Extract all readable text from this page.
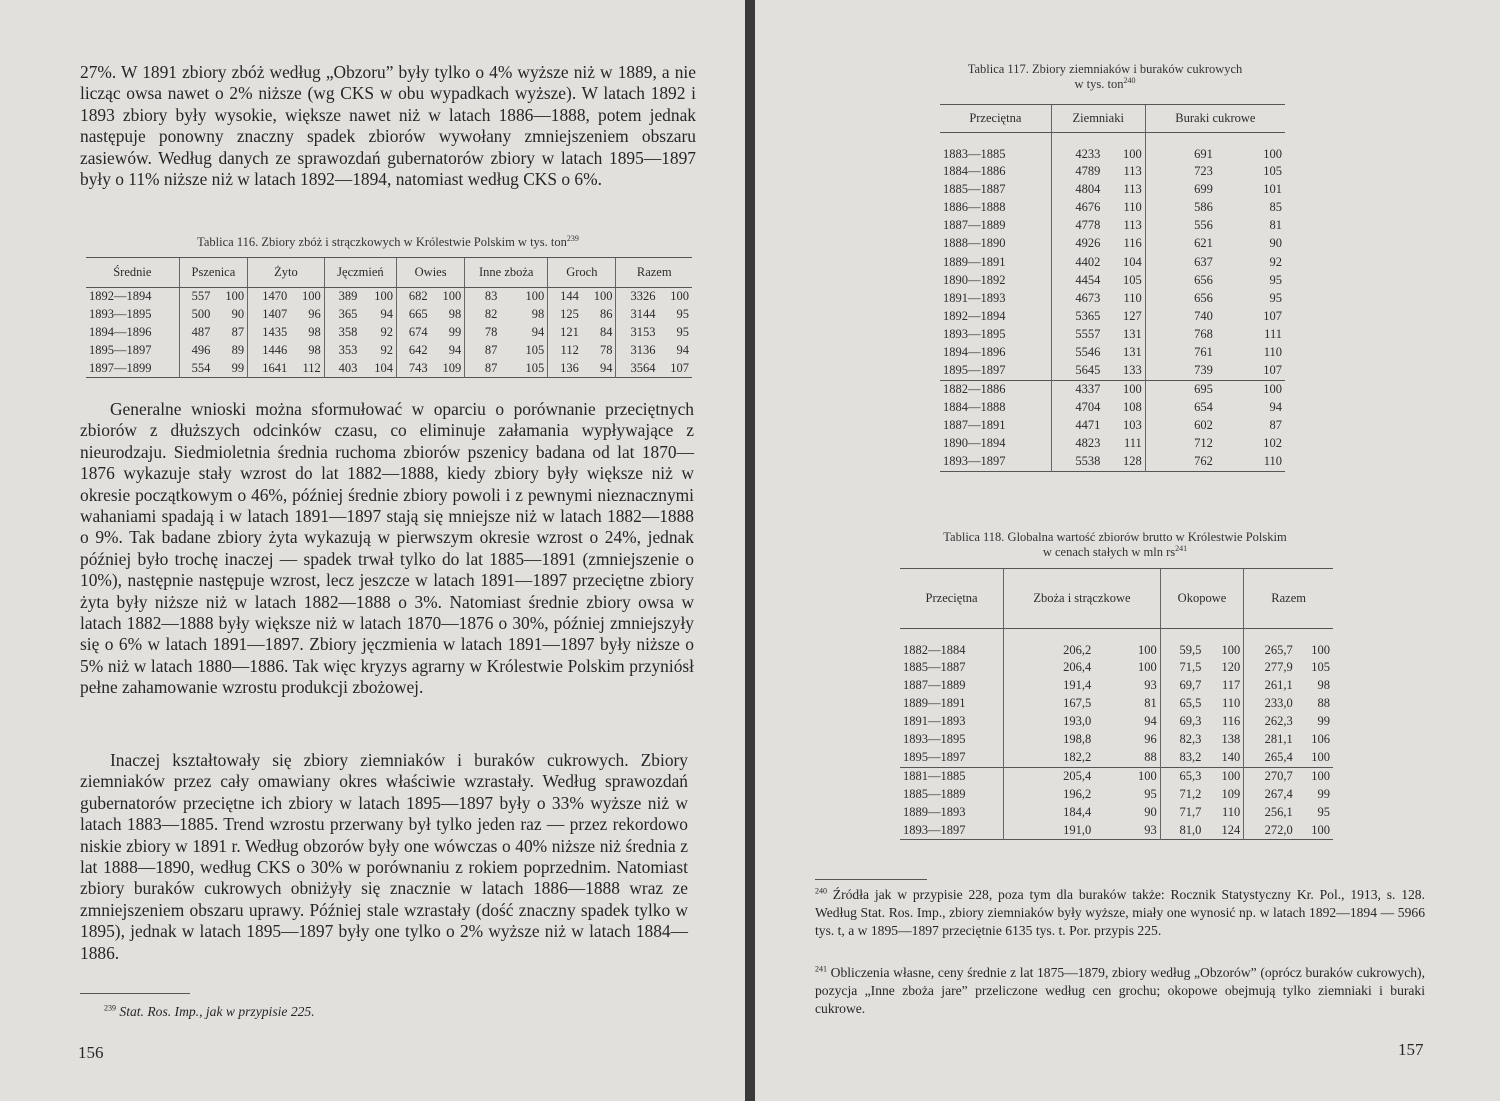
27%. W 1891 zbiory zbóż według „Obzoru” były tylko o 4% wyższe niż w 1889, a nie licząc owsa nawet o 2% niższe (wg CKS w obu wypadkach wyższe). W latach 1892 i 1893 zbiory były wysokie, większe nawet niż w latach 1886—1888, potem jednak następuje ponowny znaczny spadek zbiorów wywołany zmniejszeniem obszaru zasiewów. Według danych ze sprawozdań gubernatorów zbiory w latach 1895—1897 były o 11% niższe niż w latach 1892—1894, natomiast według CKS o 6%.

Tablica 116. Zbiory zbóż i strączkowych w Królestwie Polskim w tys. ton$^{239}$
Średnie	Pszenica		Żyto		Jęczmień		Owies		Inne zboża		Groch		Razem	
1892—1894	557	100	1470	100	389	100	682	100	83	100	144	100	3326	100
1893—1895	500	90	1407	96	365	94	665	98	82	98	125	86	3144	95
1894—1896	487	87	1435	98	358	92	674	99	78	94	121	84	3153	95
1895—1897	496	89	1446	98	353	92	642	94	87	105	112	78	3136	94
1897—1899	554	99	1641	112	403	104	743	109	87	105	136	94	3564	107

Generalne wnioski można sformułować w oparciu o porównanie przeciętnych zbiorów z dłuższych odcinków czasu, co eliminuje załamania wypływające z nieurodzaju. Siedmioletnia średnia ruchoma zbiorów pszenicy badana od lat 1870—1876 wykazuje stały wzrost do lat 1882—1888, kiedy zbiory były większe niż w okresie początkowym o 46%, później średnie zbiory powoli i z pewnymi nieznacznymi wahaniami spadają i w latach 1891—1897 stają się mniejsze niż w latach 1882—1888 o 9%. Tak badane zbiory żyta wykazują w pierwszym okresie wzrost o 24%, jednak później było trochę inaczej — spadek trwał tylko do lat 1885—1891 (zmniejszenie o 10%), następnie następuje wzrost, lecz jeszcze w latach 1891—1897 przeciętne zbiory żyta były niższe niż w latach 1882—1888 o 3%. Natomiast średnie zbiory owsa w latach 1882—1888 były większe niż w latach 1870—1876 o 30%, później zmniejszyły się o 6% w latach 1891—1897. Zbiory jęczmienia w latach 1891—1897 były niższe o 5% niż w latach 1880—1886. Tak więc kryzys agrarny w Królestwie Polskim przyniósł pełne zahamowanie wzrostu produkcji zbożowej.

Inaczej kształtowały się zbiory ziemniaków i buraków cukrowych. Zbiory ziemniaków przez cały omawiany okres właściwie wzrastały. Według sprawozdań gubernatorów przeciętne ich zbiory w latach 1895—1897 były o 33% wyższe niż w latach 1883—1885. Trend wzrostu przerwany był tylko jeden raz — przez rekordowo niskie zbiory w 1891 r. Według obzorów były one wówczas o 40% niższe niż średnia z lat 1888—1890, według CKS o 30% w porównaniu z rokiem poprzednim. Natomiast zbiory buraków cukrowych obniżyły się znacznie w latach 1886—1888 wraz ze zmniejszeniem obszaru uprawy. Później stale wzrastały (dość znaczny spadek tylko w 1895), jednak w latach 1895—1897 były one tylko o 2% wyższe niż w latach 1884—1886.

$^{239}$ Stat. Ros. Imp., jak w przypisie 225.
156
Tablica 117. Zbiory ziemniaków i buraków cukrowych
w tys. ton$^{240}$
Przeciętna	Ziemniaki		Buraki cukrowe	
1883—1885	4233	100	691	100
1884—1886	4789	113	723	105
1885—1887	4804	113	699	101
1886—1888	4676	110	586	85
1887—1889	4778	113	556	81
1888—1890	4926	116	621	90
1889—1891	4402	104	637	92
1890—1892	4454	105	656	95
1891—1893	4673	110	656	95
1892—1894	5365	127	740	107
1893—1895	5557	131	768	111
1894—1896	5546	131	761	110
1895—1897	5645	133	739	107
1882—1886	4337	100	695	100
1884—1888	4704	108	654	94
1887—1891	4471	103	602	87
1890—1894	4823	111	712	102
1893—1897	5538	128	762	110
Tablica 118. Globalna wartość zbiorów brutto w Królestwie Polskim
w cenach stałych w mln $rs^{241}$
Przeciętna	Zboża i strączkowe		Okopowe		Razem	
1882—1884	206,2	100	59,5	100	265,7	100
1885—1887	206,4	100	71,5	120	277,9	105
1887—1889	191,4	93	69,7	117	261,1	98
1889—1891	167,5	81	65,5	110	233,0	88
1891—1893	193,0	94	69,3	116	262,3	99
1893—1895	198,8	96	82,3	138	281,1	106
1895—1897	182,2	88	83,2	140	265,4	100
1881—1885	205,4	100	65,3	100	270,7	100
1885—1889	196,2	95	71,2	109	267,4	99
1889—1893	184,4	90	71,7	110	256,1	95
1893—1897	191,0	93	81,0	124	272,0	100
$^{240}$ Źródła jak w przypisie 228, poza tym dla buraków także: Rocznik Statystyczny Kr. Pol., 1913, s. 128. Według Stat. Ros. Imp., zbiory ziemniaków były wyższe, miały one wynosić np. w latach 1892—1894 — 5966 tys. t, a w 1895—1897 przeciętnie 6135 tys. t. Por. przypis 225.
$^{241}$ Obliczenia własne, ceny średnie z lat 1875—1879, zbiory według „Obzorów” (oprócz buraków cukrowych), pozycja „Inne zboża jare” przeliczone według cen grochu; okopowe obejmują tylko ziemniaki i buraki cukrowe.
157
